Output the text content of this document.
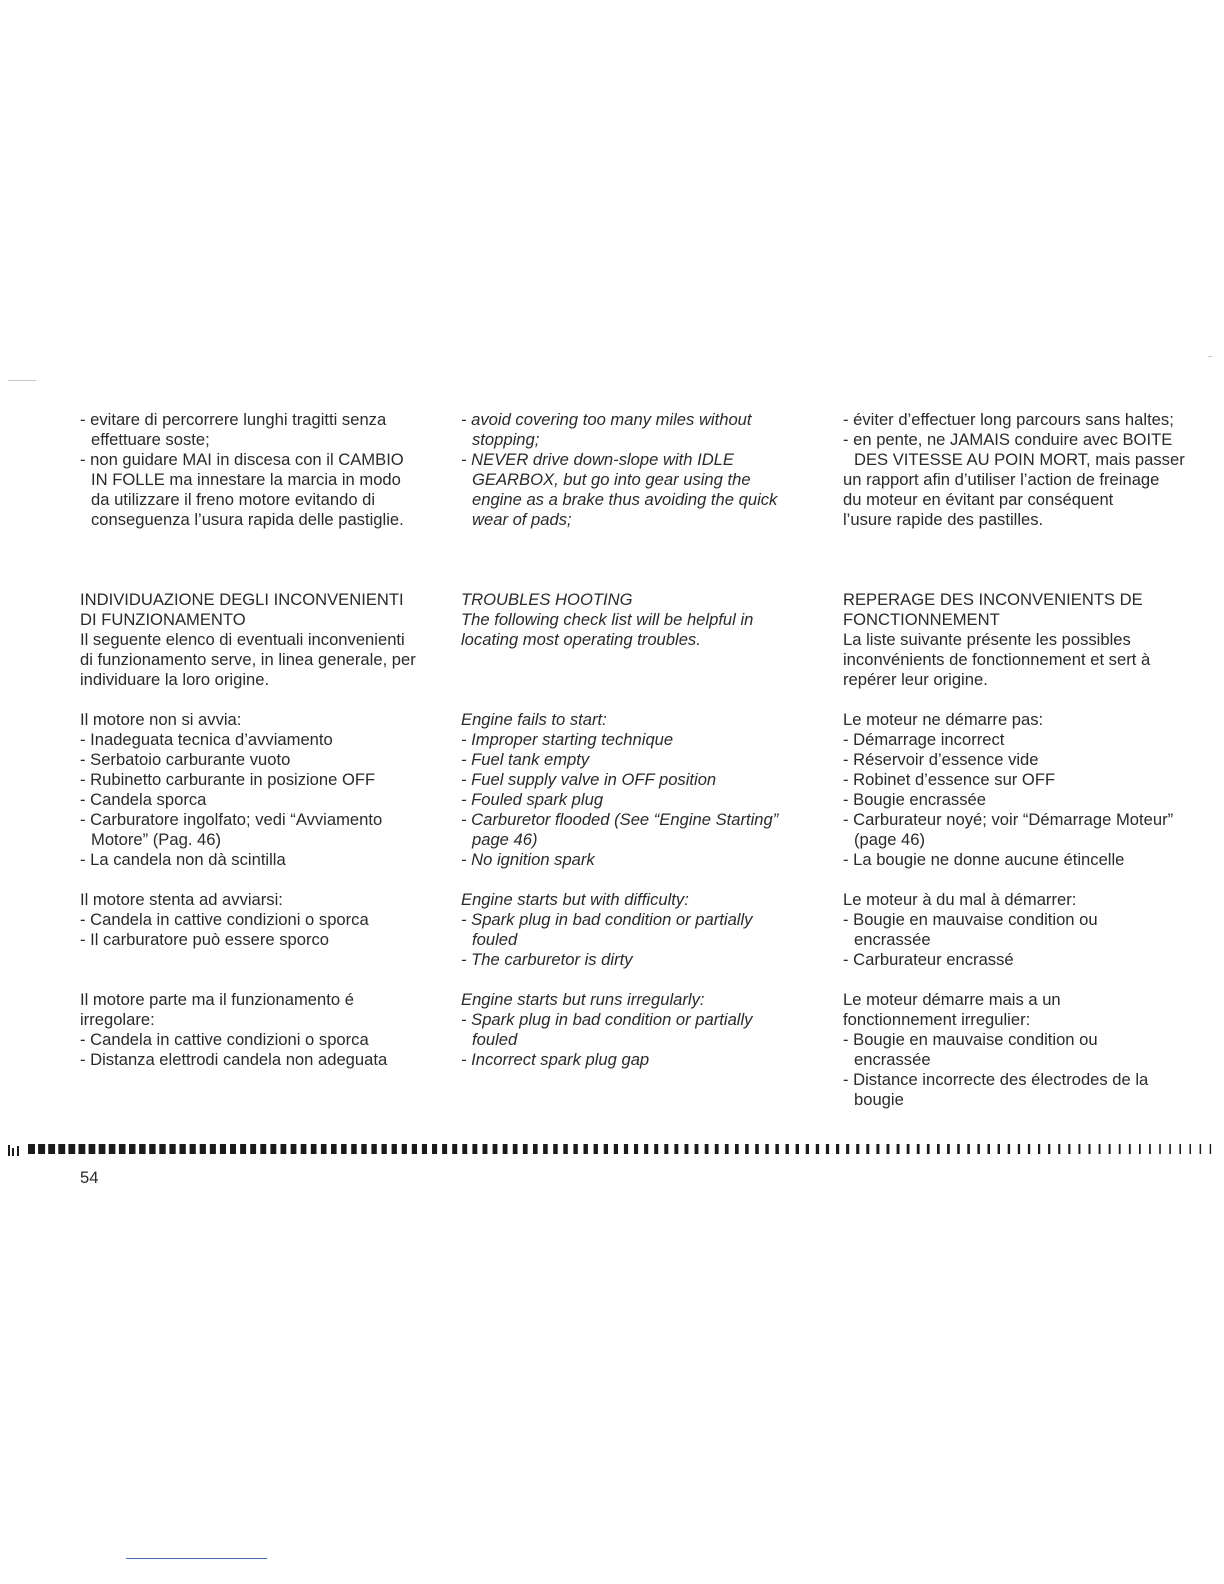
- evitare di percorrere lunghi tragitti senza
effettuare soste;
- non guidare MAI in discesa con il CAMBIO
IN FOLLE ma innestare la marcia in modo
da utilizzare il freno motore evitando di
conseguenza l’usura rapida delle pastiglie.
INDIVIDUAZIONE DEGLI INCONVENIENTI
DI FUNZIONAMENTO
Il seguente elenco di eventuali inconvenienti
di funzionamento serve, in linea generale, per
individuare la loro origine.
Il motore non si avvia:
- Inadeguata tecnica d’avviamento
- Serbatoio carburante vuoto
- Rubinetto carburante in posizione OFF
- Candela sporca
- Carburatore ingolfato; vedi “Avviamento
Motore” (Pag. 46)
- La candela non dà scintilla
Il motore stenta ad avviarsi:
- Candela in cattive condizioni o sporca
- Il carburatore può essere sporco
Il motore parte ma il funzionamento é
irregolare:
- Candela in cattive condizioni o sporca
- Distanza elettrodi candela non adeguata
- avoid covering too many miles without
stopping;
- NEVER drive down-slope with IDLE
GEARBOX, but go into gear using the
engine as a brake thus avoiding the quick
wear of pads;
TROUBLES HOOTING
The following check list will be helpful in
locating most operating troubles.
Engine fails to start:
- Improper starting technique
- Fuel tank empty
- Fuel supply valve in OFF position
- Fouled spark plug
- Carburetor flooded (See “Engine Starting”
page 46)
- No ignition spark
Engine starts but with difficulty:
- Spark plug in bad condition or partially
fouled
- The carburetor is dirty
Engine starts but runs irregularly:
- Spark plug in bad condition or partially
fouled
- Incorrect spark plug gap
- éviter d’effectuer long parcours sans haltes;
- en pente, ne JAMAIS conduire avec BOITE
DES VITESSE AU POIN MORT, mais passer
un rapport afin d’utiliser l’action de freinage
du moteur en évitant par conséquent
l’usure rapide des pastilles.
REPERAGE DES INCONVENIENTS DE
FONCTIONNEMENT
La liste suivante présente les possibles
inconvénients de fonctionnement et sert à
repérer leur origine.
Le moteur ne démarre pas:
- Démarrage incorrect
- Réservoir d’essence vide
- Robinet d’essence sur OFF
- Bougie encrassée
- Carburateur noyé; voir “Démarrage Moteur”
(page 46)
- La bougie ne donne aucune étincelle
Le moteur à du mal à démarrer:
- Bougie en mauvaise condition ou
encrassée
- Carburateur encrassé
Le moteur démarre mais a un
fonctionnement irregulier:
- Bougie en mauvaise condition ou
encrassée
- Distance incorrecte des électrodes de la
bougie
54
